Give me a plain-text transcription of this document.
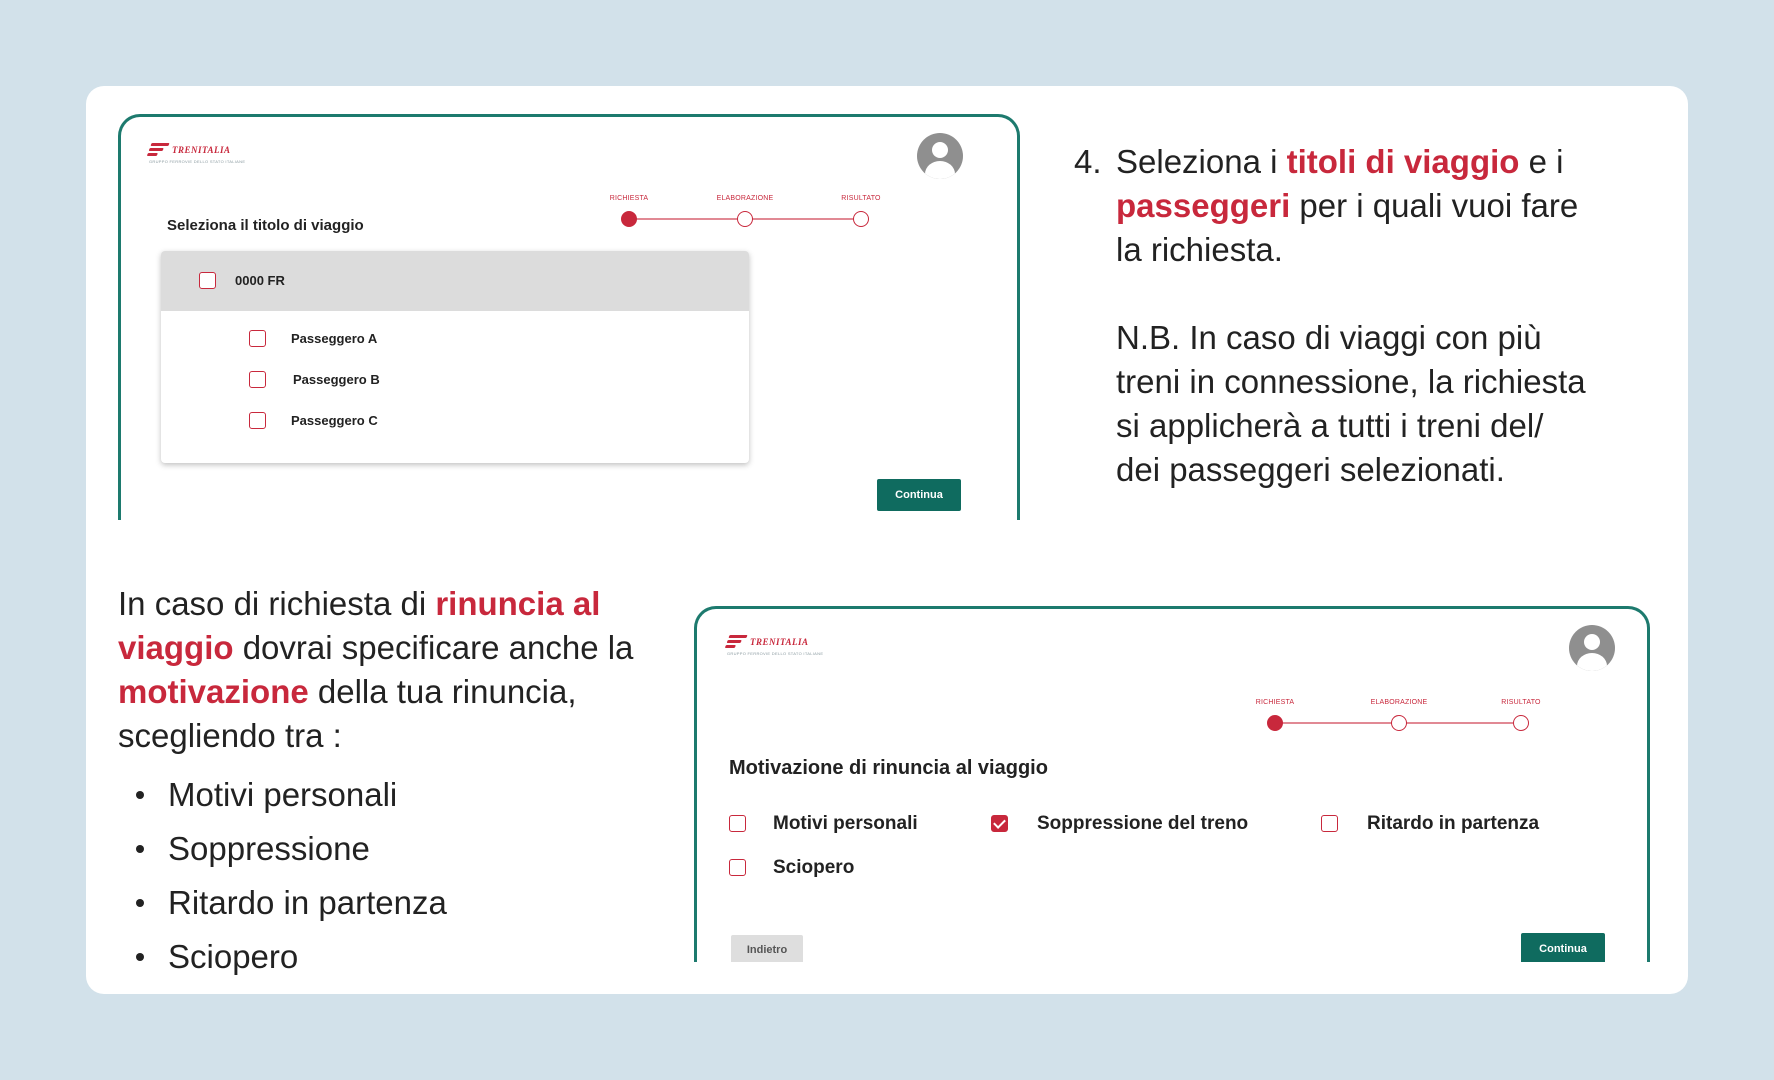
TRENITALIA
GRUPPO FERROVIE DELLO STATO ITALIANE
RICHIESTA	ELABORAZIONE	RISULTATO
Seleziona il titolo di viaggio
0000 FR
Passeggero A
Passeggero B
Passeggero C
Continua
4. Seleziona i titoli di viaggio e i
passeggeri per i quali vuoi fare
la richiesta.
N.B. In caso di viaggi con più
treni in connessione, la richiesta
si applicherà a tutti i treni del/
dei passeggeri selezionati.
In caso di richiesta di rinuncia al
viaggio dovrai specificare anche la
motivazione della tua rinuncia,
scegliendo tra :
Motivi personali
Soppressione
Ritardo in partenza
Sciopero
TRENITALIA
GRUPPO FERROVIE DELLO STATO ITALIANE
RICHIESTA	ELABORAZIONE	RISULTATO
Motivazione di rinuncia al viaggio
Motivi personali	Soppressione del treno	Ritardo in partenza
Sciopero
Indietro	Continua
